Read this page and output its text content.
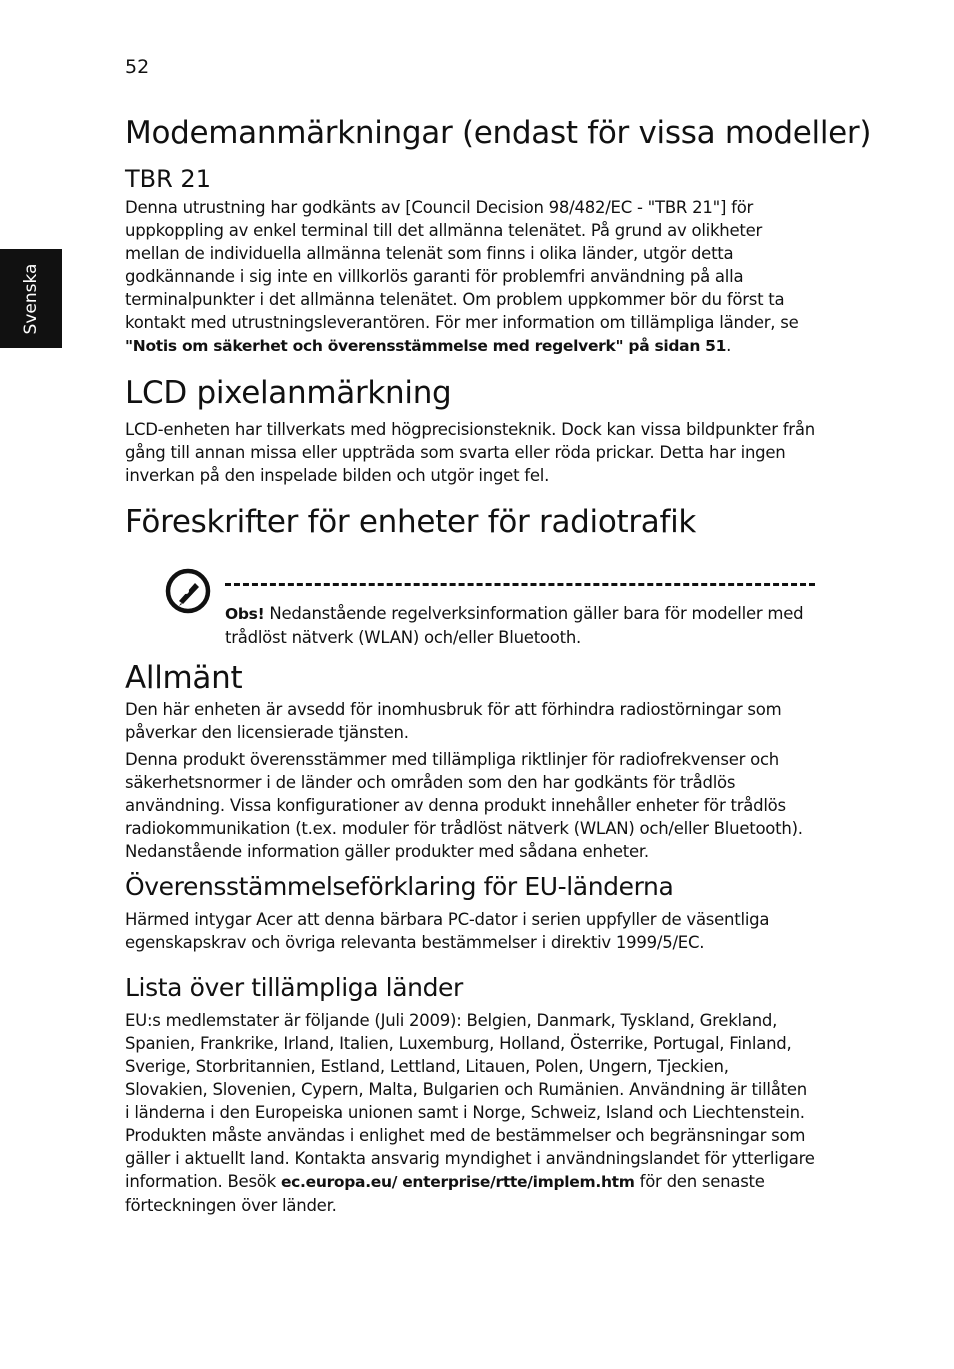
52
Svenska
Modemanmärkningar (endast för vissa modeller)
TBR 21

Denna utrustning har godkänts av [Council Decision 98/482/EC - "TBR 21"] för uppkoppling av enkel terminal till det allmänna telenätet. På grund av olikheter mellan de individuella allmänna telenät som finns i olika länder, utgör detta godkännande i sig inte en villkorlös garanti för problemfri användning på alla terminalpunkter i det allmänna telenätet. Om problem uppkommer bör du först ta kontakt med utrustningsleverantören. För mer information om tillämpliga länder, se "Notis om säkerhet och överensstämmelse med regelverk" på sidan 51.

LCD pixelanmärkning

LCD-enheten har tillverkats med högprecisionsteknik. Dock kan vissa bildpunkter från gång till annan missa eller uppträda som svarta eller röda prickar. Detta har ingen inverkan på den inspelade bilden och utgör inget fel.

Föreskrifter för enheter för radiotrafik

Obs! Nedanstående regelverksinformation gäller bara för modeller med trådlöst nätverk (WLAN) och/eller Bluetooth.

Allmänt

Den här enheten är avsedd för inomhusbruk för att förhindra radiostörningar som påverkar den licensierade tjänsten.

Denna produkt överensstämmer med tillämpliga riktlinjer för radiofrekvenser och säkerhetsnormer i de länder och områden som den har godkänts för trådlös användning. Vissa konfigurationer av denna produkt innehåller enheter för trådlös radiokommunikation (t.ex. moduler för trådlöst nätverk (WLAN) och/eller Bluetooth). Nedanstående information gäller produkter med sådana enheter.

Överensstämmelseförklaring för EU-länderna

Härmed intygar Acer att denna bärbara PC-dator i serien uppfyller de väsentliga egenskapskrav och övriga relevanta bestämmelser i direktiv 1999/5/EC.

Lista över tillämpliga länder

EU:s medlemstater är följande (Juli 2009): Belgien, Danmark, Tyskland, Grekland, Spanien, Frankrike, Irland, Italien, Luxemburg, Holland, Österrike, Portugal, Finland, Sverige, Storbritannien, Estland, Lettland, Litauen, Polen, Ungern, Tjeckien, Slovakien, Slovenien, Cypern, Malta, Bulgarien och Rumänien. Användning är tillåten i länderna i den Europeiska unionen samt i Norge, Schweiz, Island och Liechtenstein. Produkten måste användas i enlighet med de bestämmelser och begränsningar som gäller i aktuellt land. Kontakta ansvarig myndighet i användningslandet för ytterligare information. Besök ec.europa.eu/ enterprise/rtte/implem.htm för den senaste förteckningen över länder.
